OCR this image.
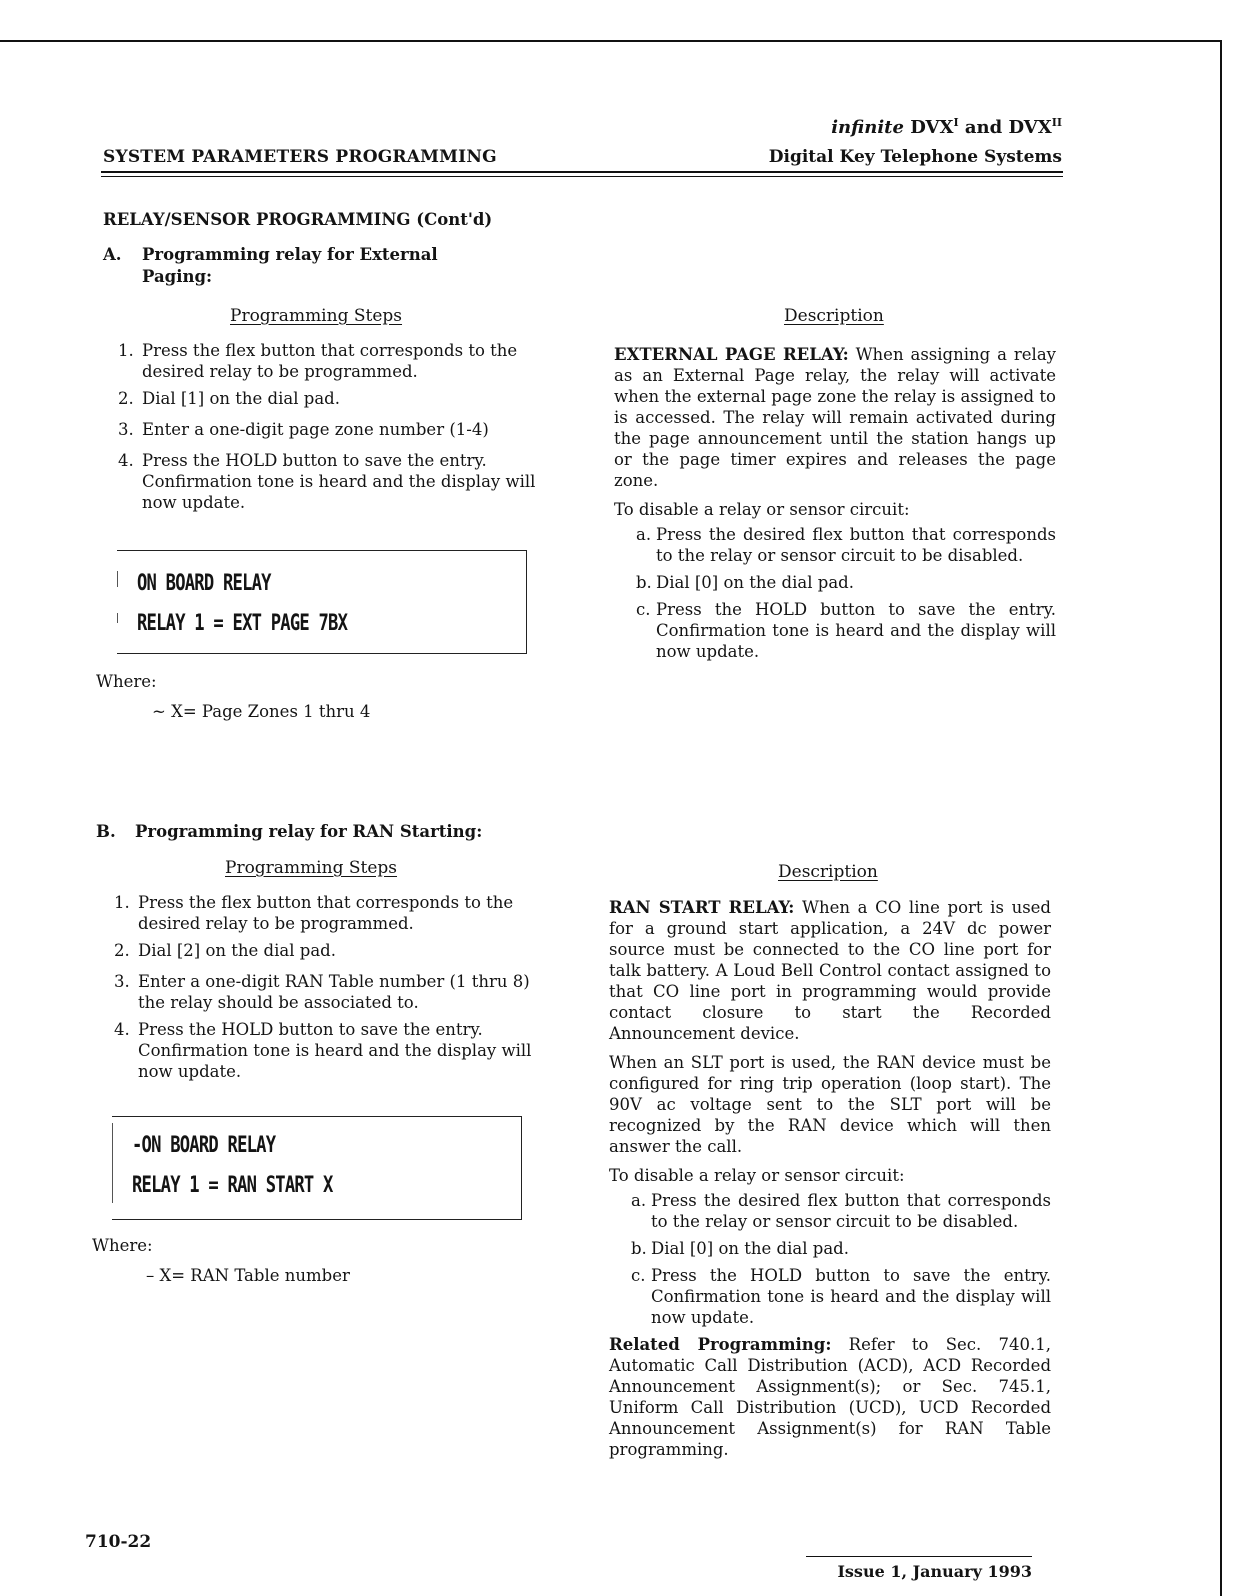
SYSTEM PARAMETERS PROGRAMMING
infinite $DVX^I$ and $DVX^{II}$
Digital Key Telephone Systems
RELAY/SENSOR PROGRAMMING (Cont'd)
A. Programming relay for External Paging:
Programming Steps
1. Press the flex button that corresponds to the desired relay to be programmed.
2. Dial [1] on the dial pad.
3. Enter a one-digit page zone number (1-4)
4. Press the HOLD button to save the entry. Confirmation tone is heard and the display will now update.
ON BOARD RELAY
RELAY 1 = EXT PAGE 7BX
Where:
~ X= Page Zones 1 thru 4
Description

EXTERNAL PAGE RELAY: When assigning a relay as an External Page relay, the relay will activate when the external page zone the relay is assigned to is accessed. The relay will remain activated during the page announcement until the station hangs up or the page timer expires and releases the page zone.

To disable a relay or sensor circuit:

a. Press the desired flex button that corresponds to the relay or sensor circuit to be disabled.
b. Dial [0] on the dial pad.
c. Press the HOLD button to save the entry. Confirmation tone is heard and the display will now update.
B. Programming relay for RAN Starting:
Programming Steps
1. Press the flex button that corresponds to the desired relay to be programmed.
2. Dial [2] on the dial pad.
3. Enter a one-digit RAN Table number (1 thru 8) the relay should be associated to.
4. Press the HOLD button to save the entry. Confirmation tone is heard and the display will now update.
-ON BOARD RELAY
RELAY 1 = RAN START X
Where:
– X= RAN Table number
Description

RAN START RELAY: When a CO line port is used for a ground start application, a 24V dc power source must be connected to the CO line port for talk battery. A Loud Bell Control contact assigned to that CO line port in programming would provide contact closure to start the Recorded Announcement device.

When an SLT port is used, the RAN device must be configured for ring trip operation (loop start). The 90V ac voltage sent to the SLT port will be recognized by the RAN device which will then answer the call.

To disable a relay or sensor circuit:

a. Press the desired flex button that corresponds to the relay or sensor circuit to be disabled.
b. Dial [0] on the dial pad.
c. Press the HOLD button to save the entry. Confirmation tone is heard and the display will now update.

Related Programming: Refer to Sec. 740.1, Automatic Call Distribution (ACD), ACD Recorded Announcement Assignment(s); or Sec. 745.1, Uniform Call Distribution (UCD), UCD Recorded Announcement Assignment(s) for RAN Table programming.

710-22
Issue 1, January 1993
